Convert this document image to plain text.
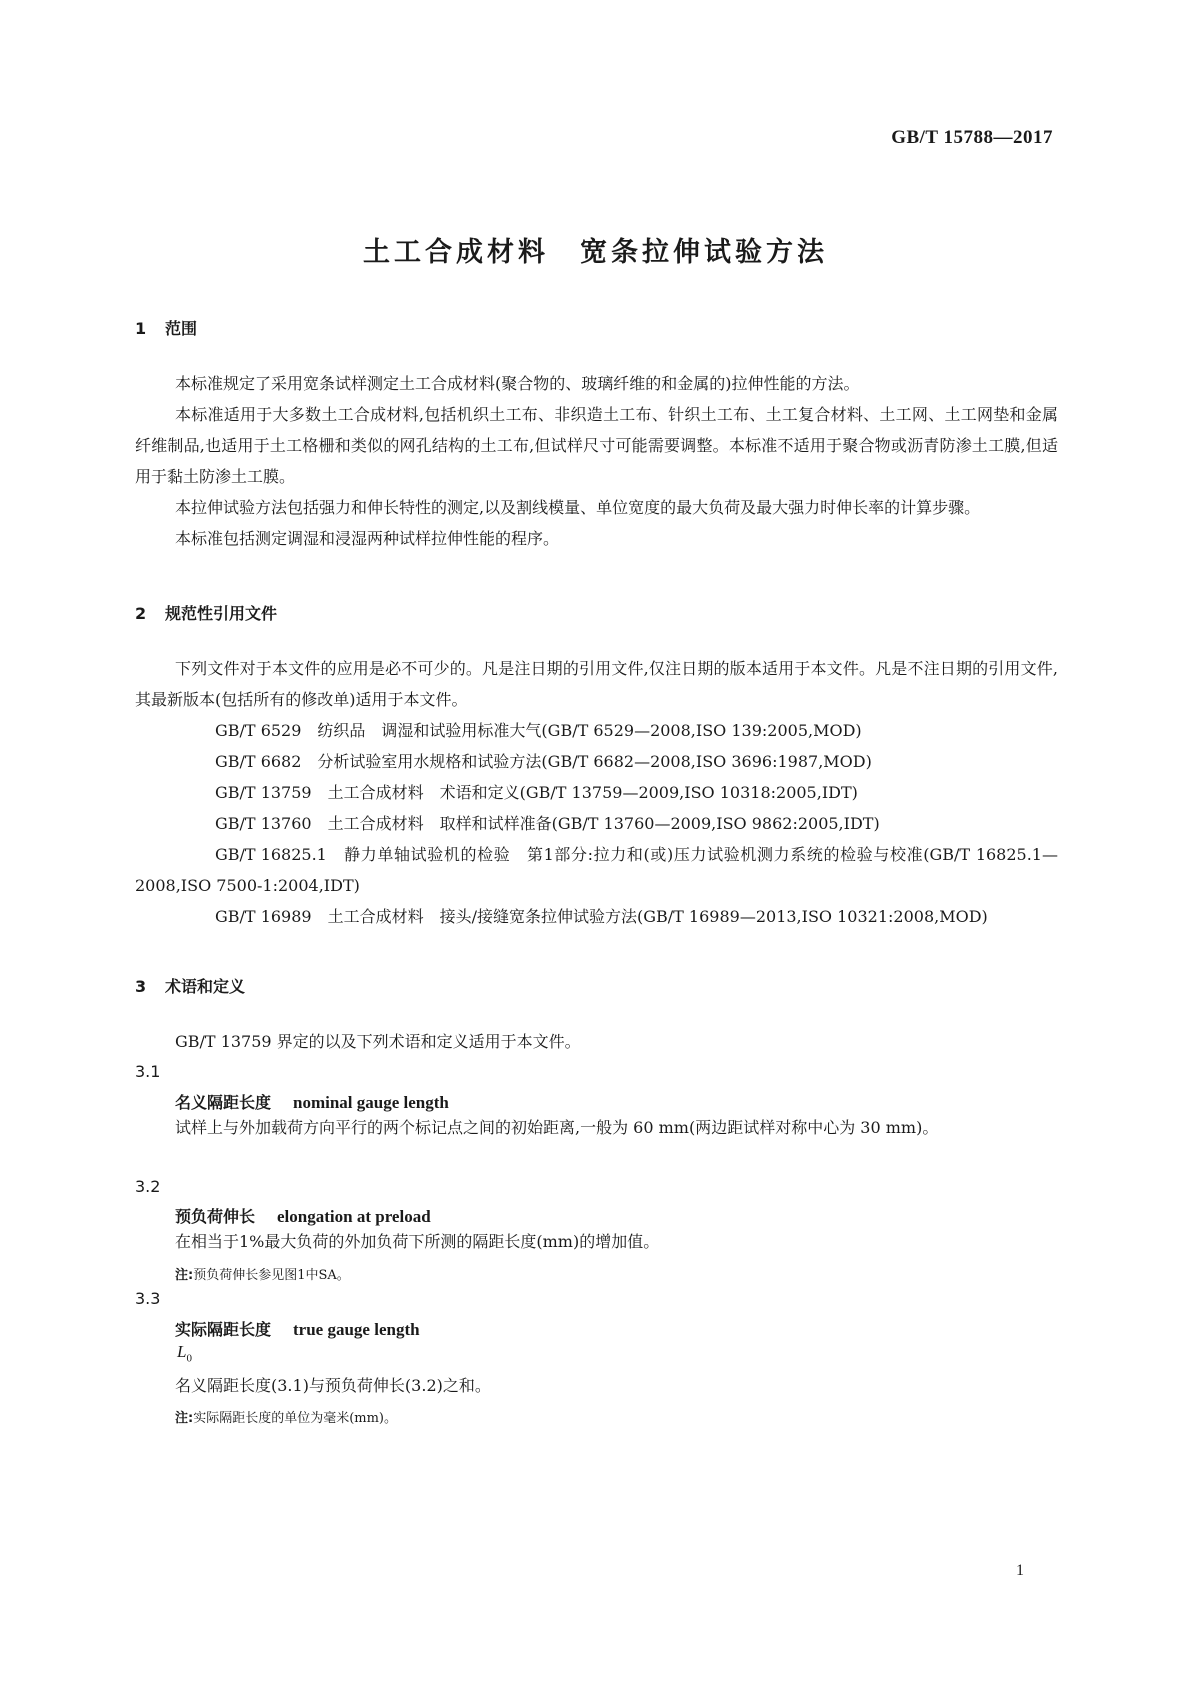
GB/T 15788—2017
土工合成材料　宽条拉伸试验方法
1 范围
本标准规定了采用宽条试样测定土工合成材料(聚合物的、玻璃纤维的和金属的)拉伸性能的方法。
本标准适用于大多数土工合成材料,包括机织土工布、非织造土工布、针织土工布、土工复合材料、土工网、土工网垫和金属纤维制品,也适用于土工格栅和类似的网孔结构的土工布,但试样尺寸可能需要调整。本标准不适用于聚合物或沥青防渗土工膜,但适用于黏土防渗土工膜。
本拉伸试验方法包括强力和伸长特性的测定,以及割线模量、单位宽度的最大负荷及最大强力时伸长率的计算步骤。
本标准包括测定调湿和浸湿两种试样拉伸性能的程序。
2 规范性引用文件
下列文件对于本文件的应用是必不可少的。凡是注日期的引用文件,仅注日期的版本适用于本文件。凡是不注日期的引用文件,其最新版本(包括所有的修改单)适用于本文件。
GB/T 6529　 纺织品　调湿和试验用标准大气(GB/T 6529—2008,ISO 139:2005,MOD)
GB/T 6682　 分析试验室用水规格和试验方法(GB/T 6682—2008,ISO 3696:1987,MOD)
GB/T 13759　 土工合成材料　术语和定义(GB/T 13759—2009,ISO 10318:2005,IDT)
GB/T 13760　 土工合成材料　取样和试样准备(GB/T 13760—2009,ISO 9862:2005,IDT)
GB/T 16825.1　 静力单轴试验机的检验　第1部分:拉力和(或)压力试验机测力系统的检验与校准(GB/T 16825.1—2008,ISO 7500-1:2004,IDT)
GB/T 16989　 土工合成材料　接头/接缝宽条拉伸试验方法(GB/T 16989—2013,ISO 10321:2008,MOD)
3 术语和定义
GB/T 13759 界定的以及下列术语和定义适用于本文件。
3.1
名义隔距长度 nominal gauge length
试样上与外加载荷方向平行的两个标记点之间的初始距离,一般为 60 mm(两边距试样对称中心为 30 mm)。
3.2
预负荷伸长 elongation at preload
在相当于1%最大负荷的外加负荷下所测的隔距长度(mm)的增加值。
注:预负荷伸长参见图1中SA。
3.3
实际隔距长度 true gauge length
$L_0$
名义隔距长度(3.1)与预负荷伸长(3.2)之和。
注:实际隔距长度的单位为毫米(mm)。
1
